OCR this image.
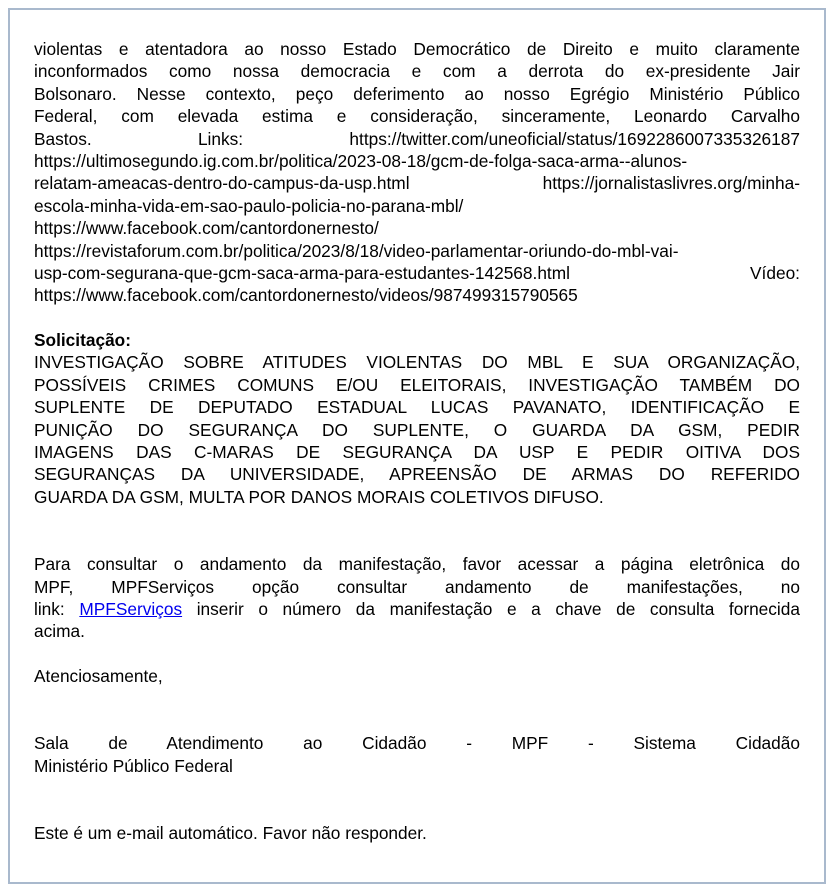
violentas e atentadora ao nosso Estado Democrático de Direito e muito claramente
inconformados como nossa democracia e com a derrota do ex-presidente Jair
Bolsonaro. Nesse contexto, peço deferimento ao nosso Egrégio Ministério Público
Federal, com elevada estima e consideração, sinceramente, Leonardo Carvalho
Bastos. Links: https://twitter.com/uneoficial/status/1692286007335326187
https://ultimosegundo.ig.com.br/politica/2023-08-18/gcm-de-folga-saca-arma--alunos-
relatam-ameacas-dentro-do-campus-da-usp.html https://jornalistaslivres.org/minha-
escola-minha-vida-em-sao-paulo-policia-no-parana-mbl/
https://www.facebook.com/cantordonernesto/
https://revistaforum.com.br/politica/2023/8/18/video-parlamentar-oriundo-do-mbl-vai-
usp-com-segurana-que-gcm-saca-arma-para-estudantes-142568.html Vídeo:
https://www.facebook.com/cantordonernesto/videos/987499315790565
Solicitação:
INVESTIGAÇÃO SOBRE ATITUDES VIOLENTAS DO MBL E SUA ORGANIZAÇÃO,
POSSÍVEIS CRIMES COMUNS E/OU ELEITORAIS, INVESTIGAÇÃO TAMBÉM DO
SUPLENTE DE DEPUTADO ESTADUAL LUCAS PAVANATO, IDENTIFICAÇÃO E
PUNIÇÃO DO SEGURANÇA DO SUPLENTE, O GUARDA DA GSM, PEDIR
IMAGENS DAS C-MARAS DE SEGURANÇA DA USP E PEDIR OITIVA DOS
SEGURANÇAS DA UNIVERSIDADE, APREENSÃO DE ARMAS DO REFERIDO
GUARDA DA GSM, MULTA POR DANOS MORAIS COLETIVOS DIFUSO.
Para consultar o andamento da manifestação, favor acessar a página eletrônica do
MPF, MPFServiços opção consultar andamento de manifestações, no
link: MPFServiços inserir o número da manifestação e a chave de consulta fornecida
acima.
Atenciosamente,
Sala de Atendimento ao Cidadão - MPF - Sistema Cidadão
Ministério Público Federal
Este é um e-mail automático. Favor não responder.
